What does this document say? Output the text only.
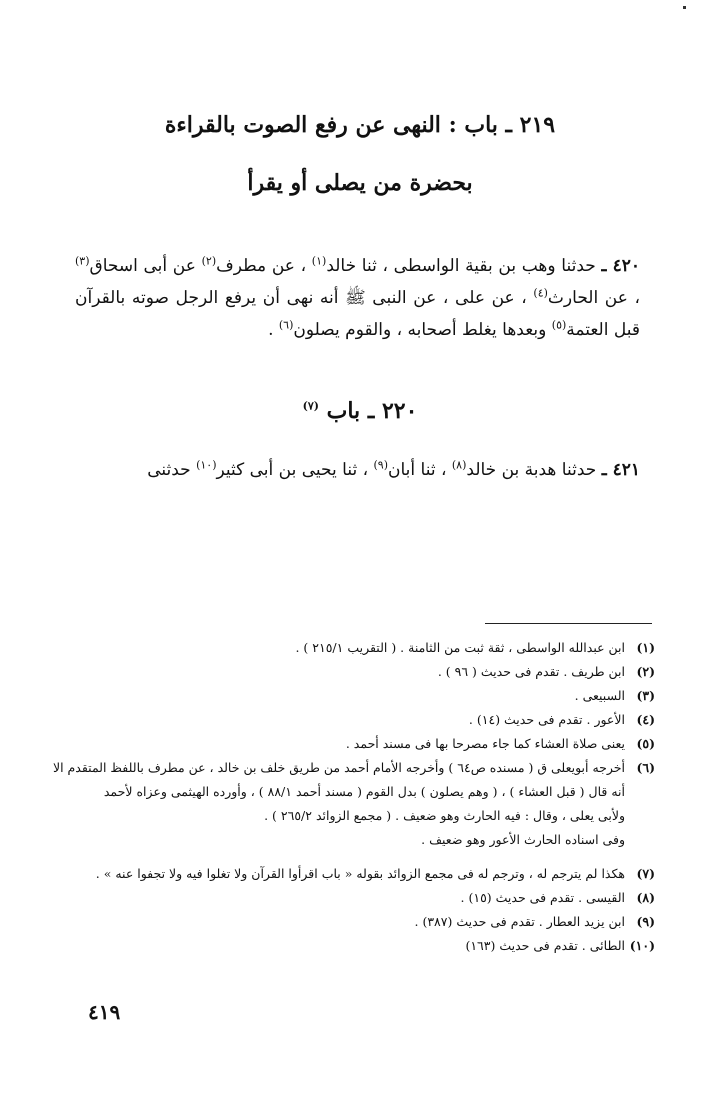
٢١٩ ـ باب : النهى عن رفع الصوت بالقراءة
بحضرة من يصلى أو يقرأ
٤٢٠ ـ حدثنا وهب بن بقية الواسطى ، ثنا خالد$^{(١)}$ ، عن مطرف$^{(٢)}$ عن أبى اسحاق$^{(٣)}$ ، عن الحارث$^{(٤)}$ ، عن على ، عن النبى ﷺ أنه نهى أن يرفع الرجل صوته بالقرآن قبل العتمة$^{(٥)}$ وبعدها يغلط أصحابه ، والقوم يصلون$^{(٦)}$ .
٢٢٠ ـ باب $^{(٧)}$
٤٢١ ـ حدثنا هدبة بن خالد$^{(٨)}$ ، ثنا أبان$^{(٩)}$ ، ثنا يحيى بن أبى كثير$^{(١٠)}$ حدثنى
(١)
ابن عبدالله الواسطى ، ثقة ثبت من الثامنة . ( التقريب ٢١٥/١ ) .
(٢)
ابن طريف . تقدم فى حديث ( ٩٦ ) .
(٣)
السبيعى .
(٤)
الأعور . تقدم فى حديث (١٤) .
(٥)
يعنى صلاة العشاء كما جاء مصرحا بها فى مسند أحمد .
(٦)
أخرجه أبويعلى ق ( مسنده ص٦٤ ) وأخرجه الأمام أحمد من طريق خلف بن خالد ، عن مطرف باللفظ المتقدم الا
أنه قال ( قبل العشاء ) ، ( وهم يصلون ) بدل القوم ( مسند أحمد ٨٨/١ ) ، وأورده الهيثمى وعزاه لأحمد
ولأبى يعلى ، وقال : فيه الحارث وهو ضعيف . ( مجمع الزوائد ٢٦٥/٢ ) .
وفى اسناده الحارث الأعور وهو ضعيف .
(٧)
هكذا لم يترجم له ، وترجم له فى مجمع الزوائد بقوله « باب اقرأوا القرآن ولا تغلوا فيه ولا تجفوا عنه » .
(٨)
القيسى . تقدم فى حديث (١٥) .
(٩)
ابن يزيد العطار . تقدم فى حديث (٣٨٧) .
(١٠)
الطائى . تقدم فى حديث (١٦٣)
٤١٩
